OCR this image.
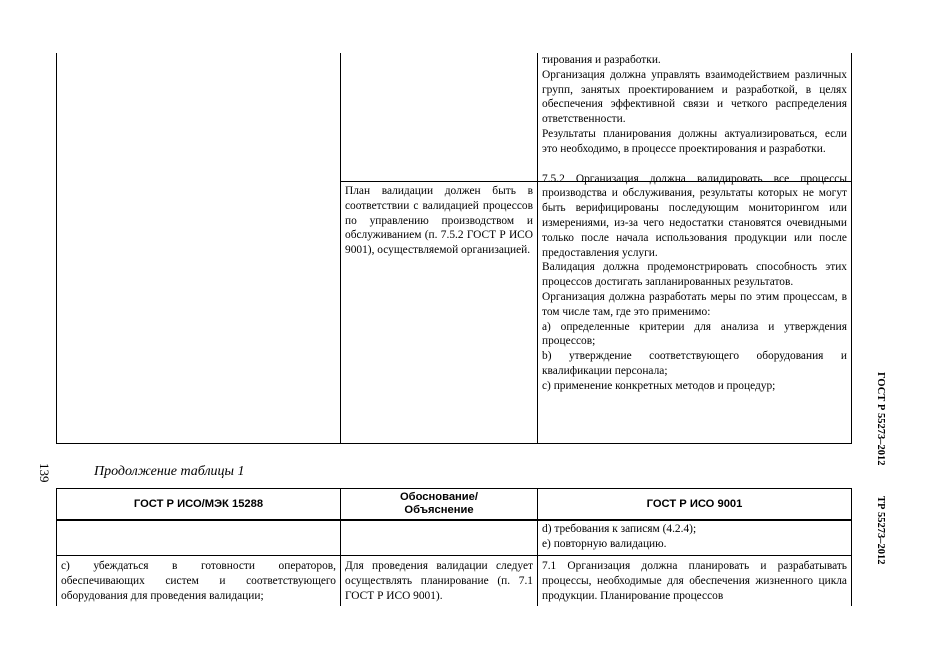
План валидации должен быть в соответствии с валидацией процессов по управлению производством и обслуживанием (п. 7.5.2 ГОСТ Р ИСО 9001), осуществляемой организацией.

тирования и разработки.

Организация должна управлять взаимодействием различных групп, занятых проектированием и разработкой, в целях обеспечения эффективной связи и четкого распределения ответственности.

Результаты планирования должны актуализироваться, если это необходимо, в процессе проектирования и разработки.

7.5.2 Организация должна валидировать все процессы производства и обслуживания, результаты которых не могут быть верифицированы последующим мониторингом или измерениями, из-за чего недостатки становятся очевидными только после начала использования продукции или после предоставления услуги.

Валидация должна продемонстрировать способность этих процессов достигать запланированных результатов.

Организация должна разработать меры по этим процессам, в том числе там, где это применимо:

а) определенные критерии для анализа и утверждения процессов;

b) утверждение соответствующего оборудования и квалификации персонала;

c) применение конкретных методов и процедур;

139	Продолжение таблицы 1
ГОСТ Р 55273–2012
ТР 55273–2012
ГОСТ Р ИСО/МЭК 15288
Обоснование/ Объяснение
ГОСТ Р ИСО 9001

d) требования к записям (4.2.4);

e) повторную валидацию.

c) убеждаться в готовности операторов, обеспечивающих систем и соответствующего оборудования для проведения валидации;
Для проведения валидации следует осуществлять планирование (п. 7.1 ГОСТ Р ИСО 9001).
7.1 Организация должна планировать и разрабатывать процессы, необходимые для обеспечения жизненного цикла продукции. Планирование процессов
